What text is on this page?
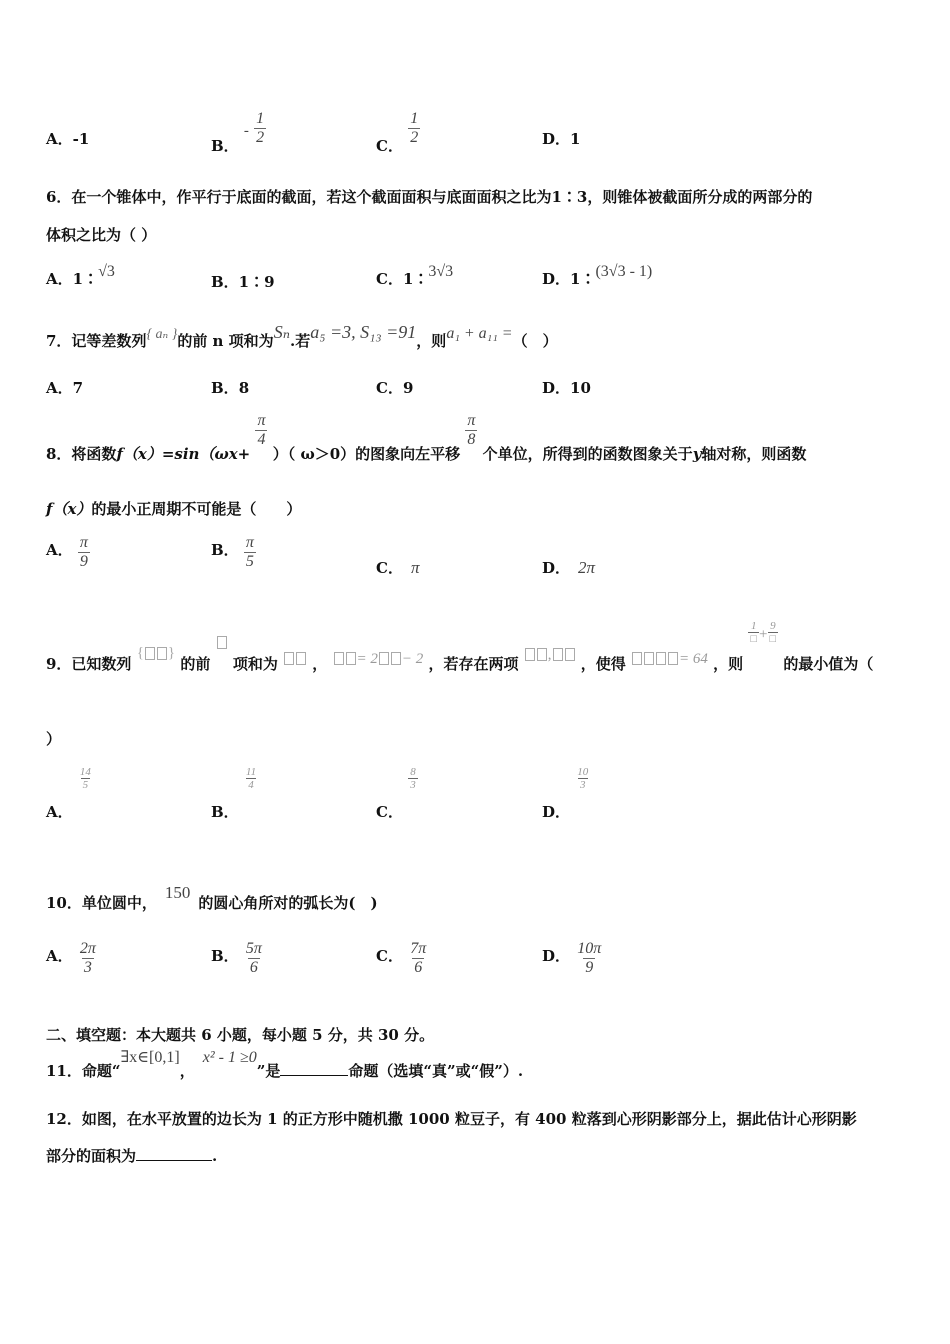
A．-1	B． - $\frac{1}{2}$	C． $\frac{1}{2}$	D．1
6．在一个锥体中，作平行于底面的截面，若这个截面面积与底面面积之比为1∶3，则锥体被截面所分成的两部分的
体积之比为（ ）
A．1∶√3
B．1∶9	C．1∶3√3	D．1∶(3√3 - 1)
7．记等差数列{ aₙ }的前 n 项和为Sₙ.若a₅ =3, S₁₃ =91，则a₁ + a₁₁ =（　）
A．7	B．8	C．9	D．10
8．将函数f（x）=sin（ωx+
$\frac{\pi}{4}$
）（ ω＞0）的图象向左平移
$\frac{\pi}{8}$
个单位，所得到的函数图象关于y轴对称，则函数
f（x）的最小正周期不可能是（　　）
A． $\frac{\pi}{9}$	B． $\frac{\pi}{5}$	C． π	D． 2π
9．已知数列 { } 的前 项和为 ， = 2 − 2 ，若存在两项 , ，使得	= 64 ，则
$\frac{1}{□} + \frac{9}{□}$
的最小值为（
）
A．
$\frac{14}{5}$
B．
$\frac{11}{4}$
C．
$\frac{8}{3}$
D．
$\frac{10}{3}$
10．单位圆中，150的圆心角所对的弧长为(　)
A． $\frac{2\pi}{3}$	B． $\frac{5\pi}{6}$	C． $\frac{7\pi}{6}$	D． $\frac{10\pi}{9}$
二、填空题：本大题共 6 小题，每小题 5 分，共 30 分。
11．命题“∃x∈[0,1]，x² - 1 ≥0”是	命题（选填“真”或“假”）.
12．如图，在水平放置的边长为 1 的正方形中随机撒 1000 粒豆子，有 400 粒落到心形阴影部分上，据此估计心形阴影
部分的面积为	.
